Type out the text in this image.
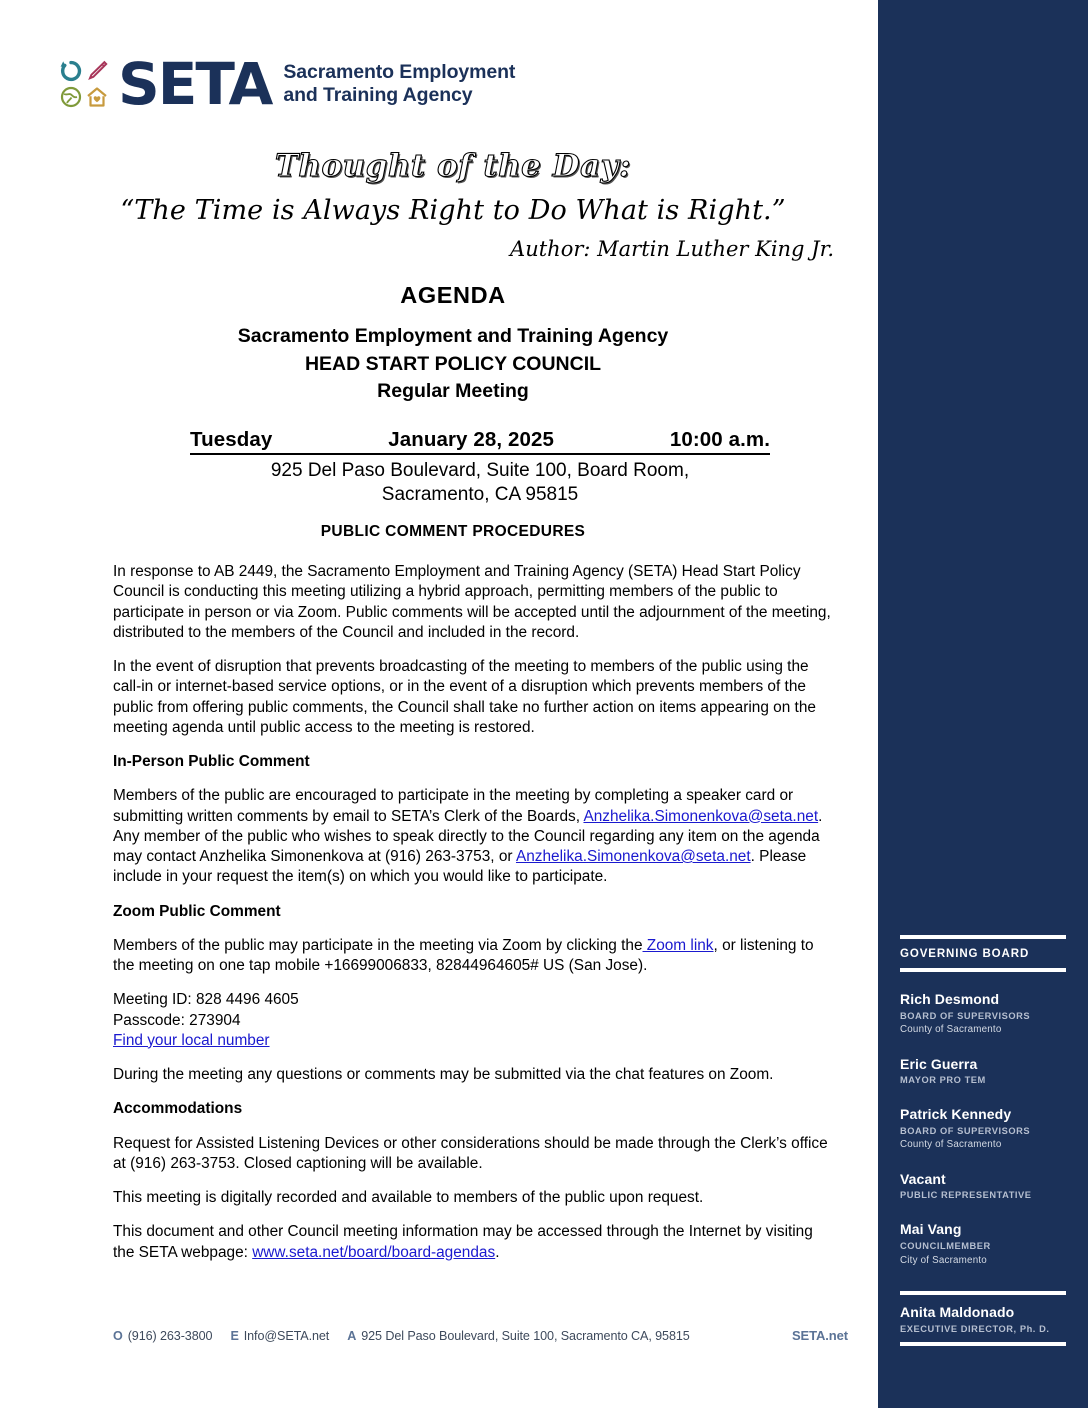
SETA Sacramento Employment
and Training Agency
Thought of the Day:
“The Time is Always Right to Do What is Right.”
Author: Martin Luther King Jr.
AGENDA
Sacramento Employment and Training Agency
HEAD START POLICY COUNCIL
Regular Meeting
Tuesday	January 28, 2025	10:00 a.m.
925 Del Paso Boulevard, Suite 100, Board Room,
Sacramento, CA 95815
PUBLIC COMMENT PROCEDURES

In response to AB 2449, the Sacramento Employment and Training Agency (SETA) Head Start Policy Council is conducting this meeting utilizing a hybrid approach, permitting members of the public to participate in person or via Zoom. Public comments will be accepted until the adjournment of the meeting, distributed to the members of the Council and included in the record.

In the event of disruption that prevents broadcasting of the meeting to members of the public using the call-in or internet-based service options, or in the event of a disruption which prevents members of the public from offering public comments, the Council shall take no further action on items appearing on the meeting agenda until public access to the meeting is restored.

In-Person Public Comment

Members of the public are encouraged to participate in the meeting by completing a speaker card or submitting written comments by email to SETA’s Clerk of the Boards, Anzhelika.Simonenkova@seta.net. Any member of the public who wishes to speak directly to the Council regarding any item on the agenda may contact Anzhelika Simonenkova at (916) 263-3753, or Anzhelika.Simonenkova@seta.net. Please include in your request the item(s) on which you would like to participate.

Zoom Public Comment

Members of the public may participate in the meeting via Zoom by clicking the Zoom link, or listening to the meeting on one tap mobile +16699006833, 82844964605# US (San Jose).

Meeting ID: 828 4496 4605

Passcode: 273904

Find your local number

During the meeting any questions or comments may be submitted via the chat features on Zoom.

Accommodations

Request for Assisted Listening Devices or other considerations should be made through the Clerk’s office at (916) 263-3753. Closed captioning will be available.

This meeting is digitally recorded and available to members of the public upon request.

This document and other Council meeting information may be accessed through the Internet by visiting the SETA webpage: www.seta.net/board/board-agendas.

O (916) 263-3800 E Info@SETA.net A 925 Del Paso Boulevard, Suite 100, Sacramento CA, 95815	SETA.net
GOVERNING BOARD
Rich Desmond
BOARD OF SUPERVISORS
County of Sacramento
Eric Guerra
MAYOR PRO TEM
Patrick Kennedy
BOARD OF SUPERVISORS
County of Sacramento
Vacant
PUBLIC REPRESENTATIVE
Mai Vang
COUNCILMEMBER
City of Sacramento
Anita Maldonado
EXECUTIVE DIRECTOR, Ph. D.
